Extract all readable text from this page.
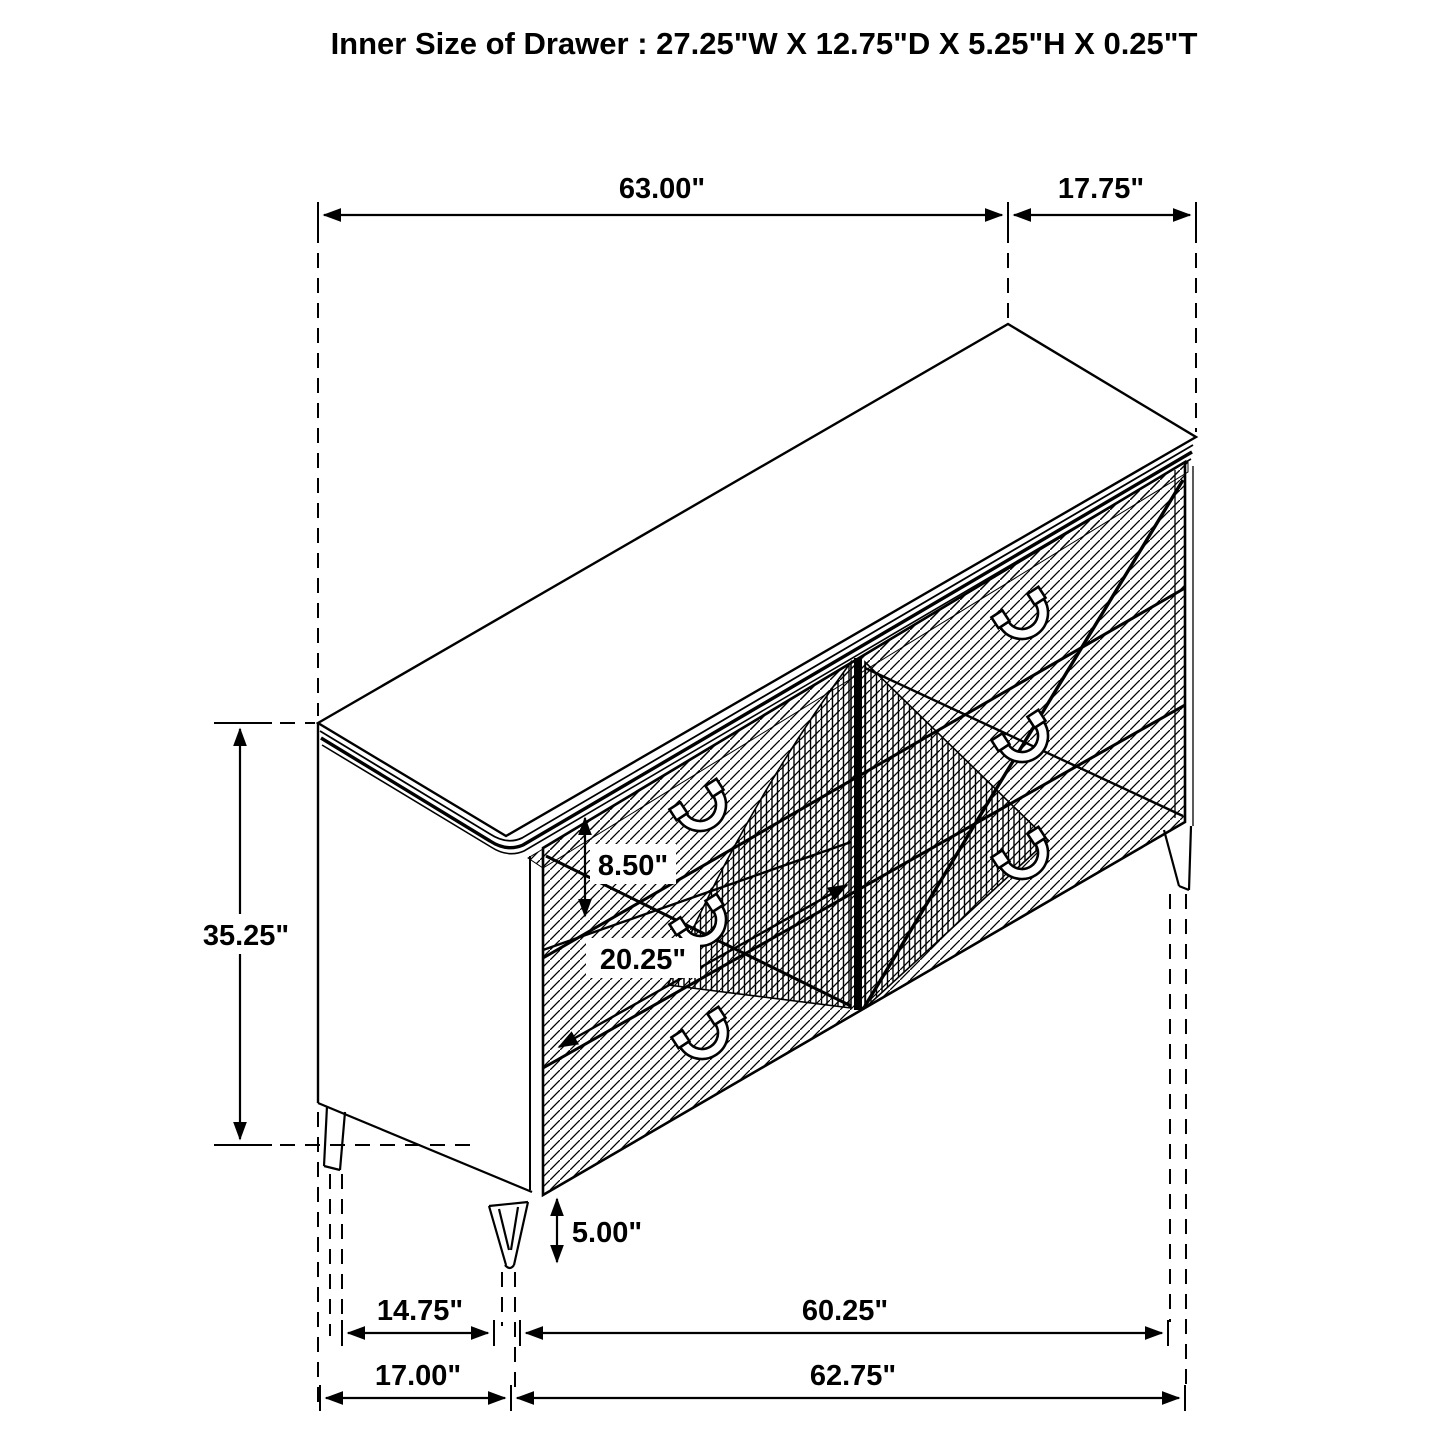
63.00"	17.75"
35.25"
8.50"
20.25"
5.00"
14.75"	60.25"
17.00"	62.75"
Inner Size of Drawer : 27.25"W X 12.75"D X 5.25"H X 0.25"T
